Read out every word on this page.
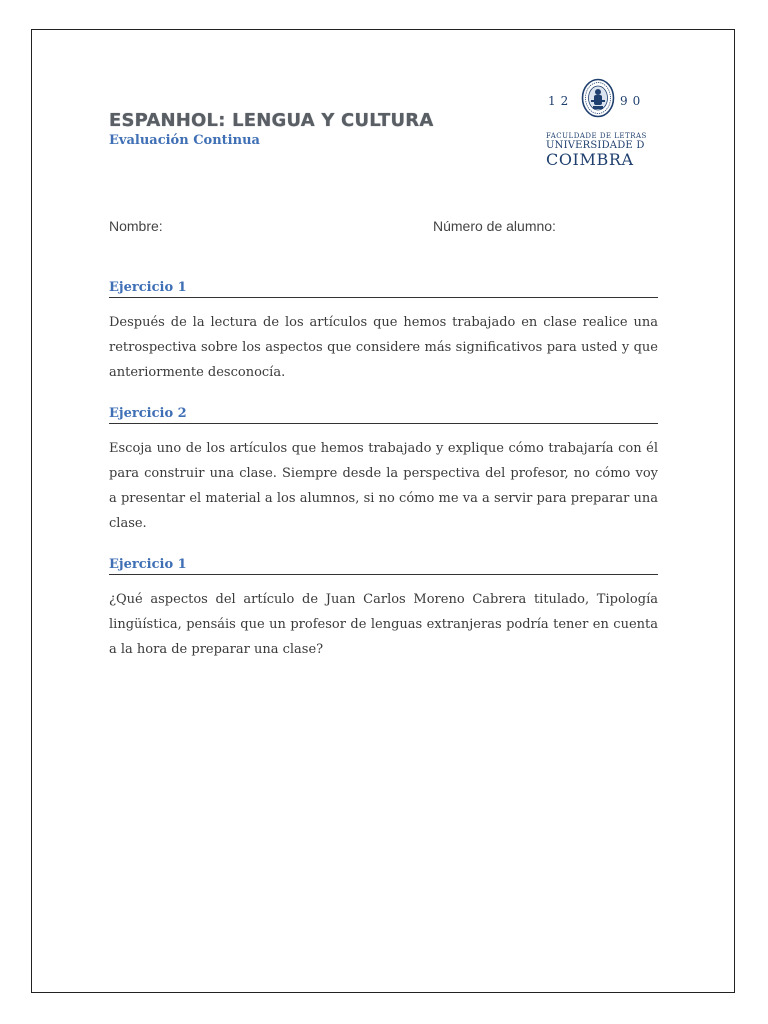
ESPANHOL: LENGUA Y CULTURA
Evaluación Continua
12	90
FACULDADE DE LETRAS
UNIVERSIDADE D
COIMBRA
Nombre:	Número de alumno:
Ejercicio 1

Después de la lectura de los artículos que hemos trabajado en clase realice una retrospectiva sobre los aspectos que considere más significativos para usted y que anteriormente desconocía.

Ejercicio 2

Escoja uno de los artículos que hemos trabajado y explique cómo trabajaría con él para construir una clase. Siempre desde la perspectiva del profesor, no cómo voy a presentar el material a los alumnos, si no cómo me va a servir para preparar una clase.

Ejercicio 1

¿Qué aspectos del artículo de Juan Carlos Moreno Cabrera titulado, Tipología lingüística, pensáis que un profesor de lenguas extranjeras podría tener en cuenta a la hora de preparar una clase?
